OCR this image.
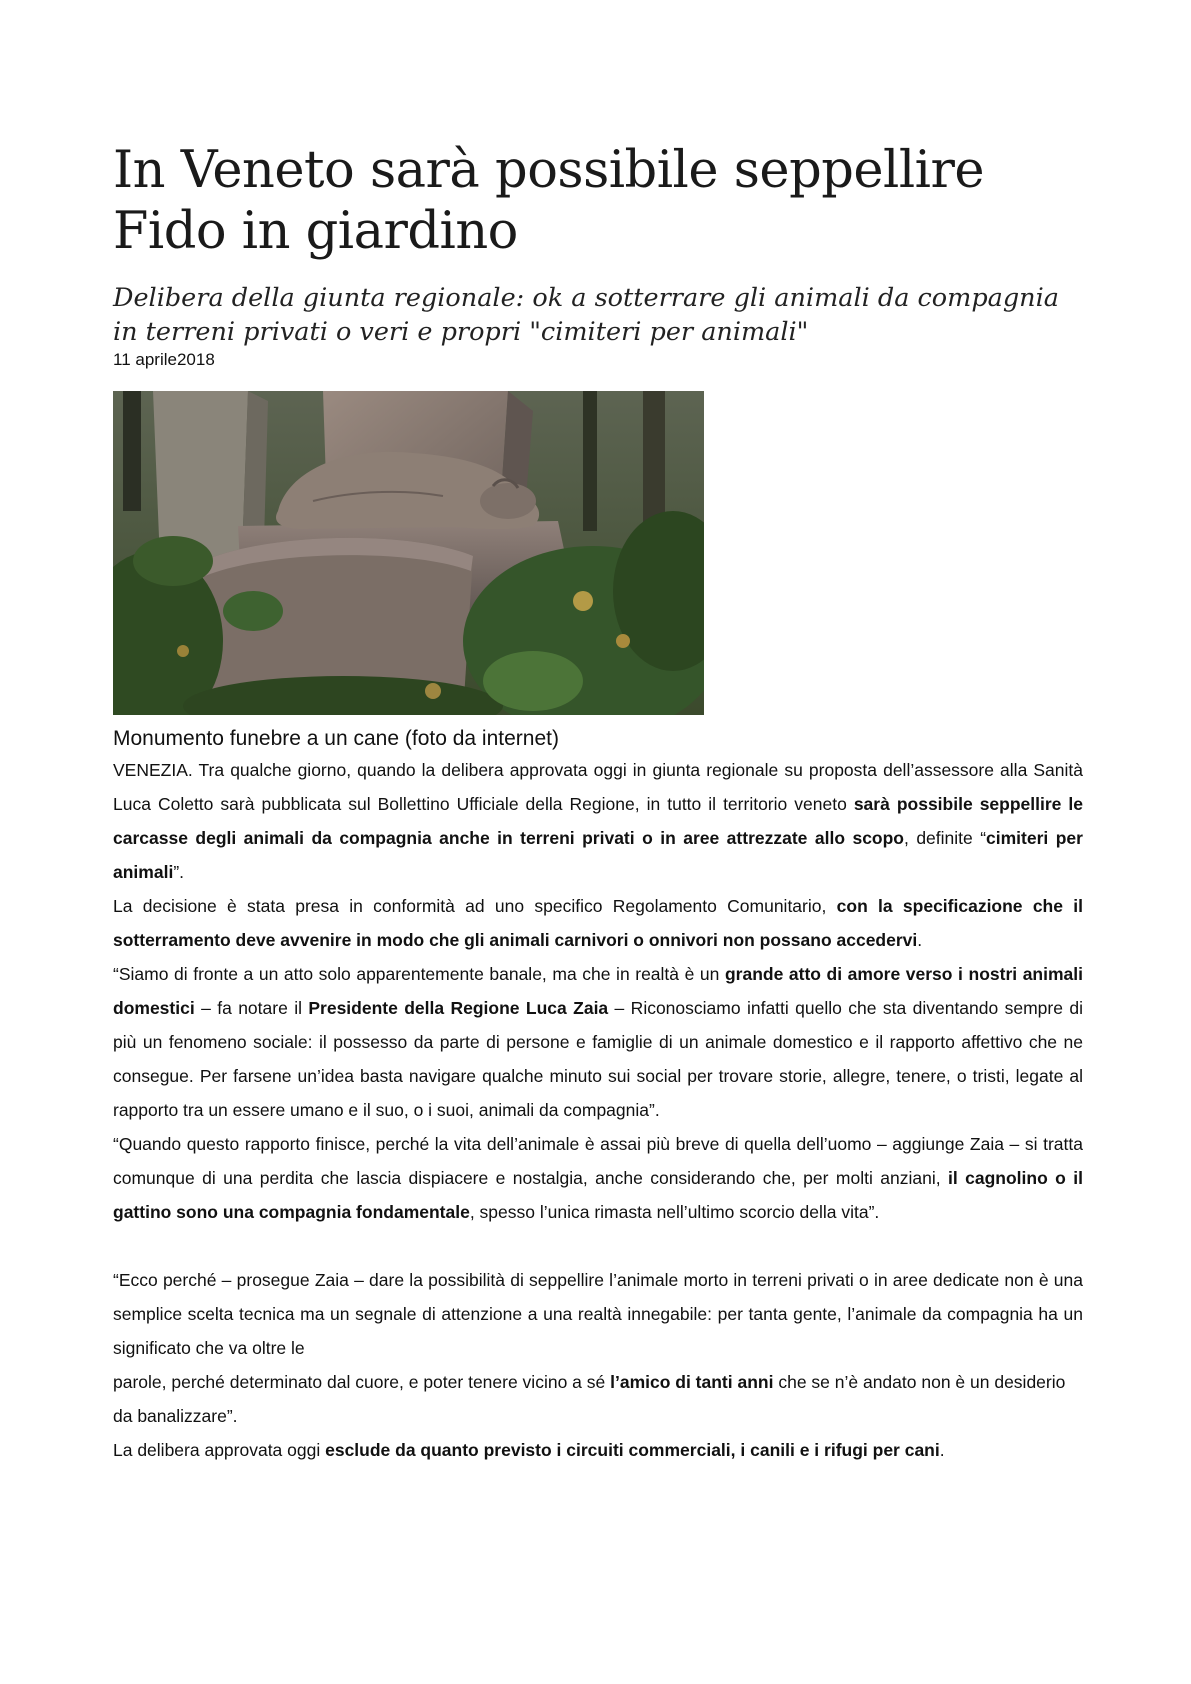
In Veneto sarà possibile seppellire
Fido in giardino

Delibera della giunta regionale: ok a sotterrare gli animali da compagnia in terreni privati o veri e propri "cimiteri per animali"

11 aprile2018

Monumento funebre a un cane (foto da internet)

VENEZIA. Tra qualche giorno, quando la delibera approvata oggi in giunta regionale su proposta dell’assessore alla Sanità Luca Coletto sarà pubblicata sul Bollettino Ufficiale della Regione, in tutto il territorio veneto sarà possibile seppellire le carcasse degli animali da compagnia anche in terreni privati o in aree attrezzate allo scopo, definite “cimiteri per animali”.

La decisione è stata presa in conformità ad uno specifico Regolamento Comunitario, con la specificazione che il sotterramento deve avvenire in modo che gli animali carnivori o onnivori non possano accedervi.

“Siamo di fronte a un atto solo apparentemente banale, ma che in realtà è un grande atto di amore verso i nostri animali domestici – fa notare il Presidente della Regione Luca Zaia – Riconosciamo infatti quello che sta diventando sempre di più un fenomeno sociale: il possesso da parte di persone e famiglie di un animale domestico e il rapporto affettivo che ne consegue. Per farsene un’idea basta navigare qualche minuto sui social per trovare storie, allegre, tenere, o tristi, legate al rapporto tra un essere umano e il suo, o i suoi, animali da compagnia”.

“Quando questo rapporto finisce, perché la vita dell’animale è assai più breve di quella dell’uomo – aggiunge Zaia – si tratta comunque di una perdita che lascia dispiacere e nostalgia, anche considerando che, per molti anziani, il cagnolino o il gattino sono una compagnia fondamentale, spesso l’unica rimasta nell’ultimo scorcio della vita”.

“Ecco perché – prosegue Zaia – dare la possibilità di seppellire l’animale morto in terreni privati o in aree dedicate non è una semplice scelta tecnica ma un segnale di attenzione a una realtà innegabile: per tanta gente, l’animale da compagnia ha un significato che va oltre le

parole, perché determinato dal cuore, e poter tenere vicino a sé l’amico di tanti anni che se n’è andato non è un desiderio da banalizzare”.

La delibera approvata oggi esclude da quanto previsto i circuiti commerciali, i canili e i rifugi per cani.
